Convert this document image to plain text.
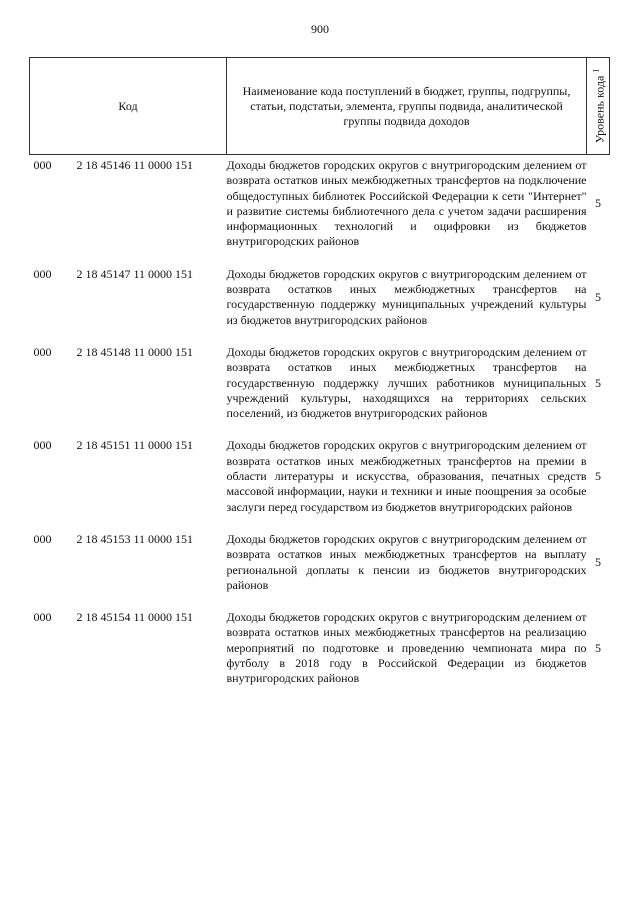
900
Код	Наименование кода поступлений в бюджет, группы, подгруппы, статьи, подстатьи, элемента, группы подвида, аналитической группы подвида доходов	Уровень кода $^1$

000 2 18 45146 11 0000 151	Доходы бюджетов городских округов с внутригородским делением от возврата остатков иных межбюджетных трансфертов на подключение общедоступных библиотек Российской Федерации к сети "Интернет" и развитие системы библиотечного дела с учетом задачи расширения информационных технологий и оцифровки из бюджетов внутригородских районов	5

000 2 18 45147 11 0000 151	Доходы бюджетов городских округов с внутригородским делением от возврата остатков иных межбюджетных трансфертов на государственную поддержку муниципальных учреждений культуры из бюджетов внутригородских районов	5

000 2 18 45148 11 0000 151	Доходы бюджетов городских округов с внутригородским делением от возврата остатков иных межбюджетных трансфертов на государственную поддержку лучших работников муниципальных учреждений культуры, находящихся на территориях сельских поселений, из бюджетов внутригородских районов	5

000 2 18 45151 11 0000 151	Доходы бюджетов городских округов с внутригородским делением от возврата остатков иных межбюджетных трансфертов на премии в области литературы и искусства, образования, печатных средств массовой информации, науки и техники и иные поощрения за особые заслуги перед государством из бюджетов внутригородских районов	5

000 2 18 45153 11 0000 151	Доходы бюджетов городских округов с внутригородским делением от возврата остатков иных межбюджетных трансфертов на выплату региональной доплаты к пенсии из бюджетов внутригородских районов	5

000 2 18 45154 11 0000 151	Доходы бюджетов городских округов с внутригородским делением от возврата остатков иных межбюджетных трансфертов на реализацию мероприятий по подготовке и проведению чемпионата мира по футболу в 2018 году в Российской Федерации из бюджетов внутригородских районов	5
